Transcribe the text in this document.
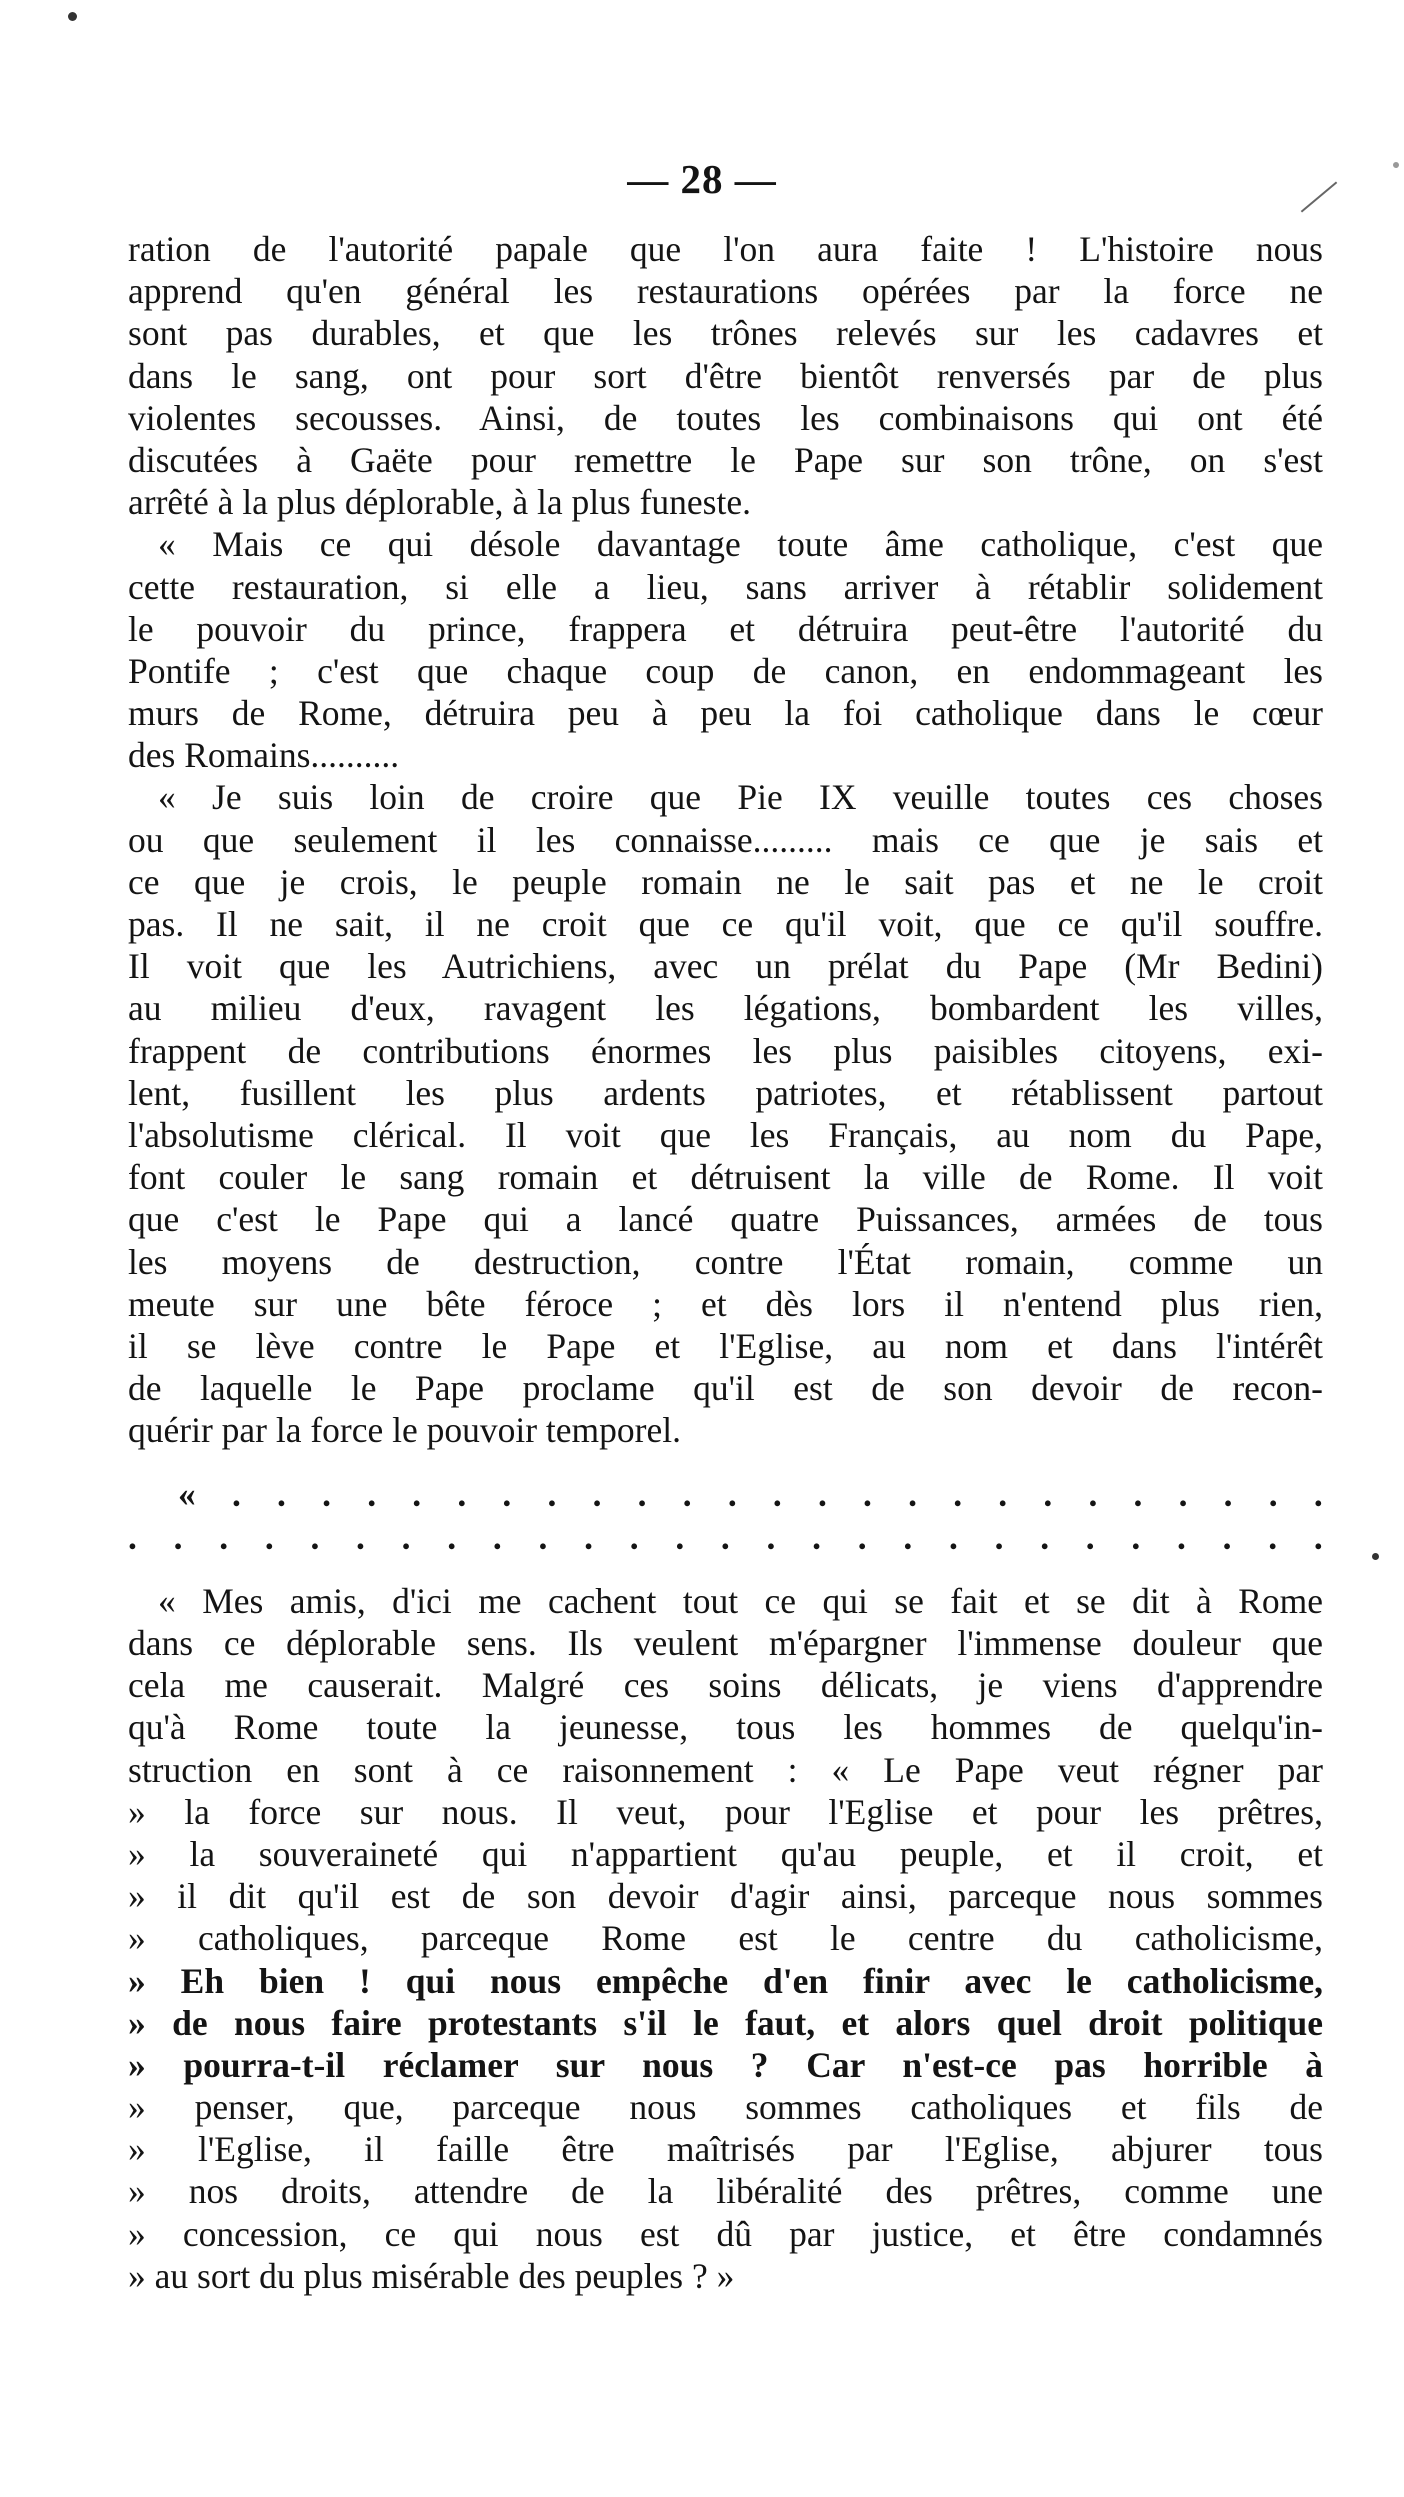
— 28 —
ration de l'autorité papale que l'on aura faite ! L'histoire nous
apprend qu'en général les restaurations opérées par la force ne
sont pas durables, et que les trônes relevés sur les cadavres et
dans le sang, ont pour sort d'être bientôt renversés par de plus
violentes secousses. Ainsi, de toutes les combinaisons qui ont été
discutées à Gaëte pour remettre le Pape sur son trône, on s'est
arrêté à la plus déplorable, à la plus funeste.
« Mais ce qui désole davantage toute âme catholique, c'est que
cette restauration, si elle a lieu, sans arriver à rétablir solidement
le pouvoir du prince, frappera et détruira peut-être l'autorité du
Pontife ; c'est que chaque coup de canon, en endommageant les
murs de Rome, détruira peu à peu la foi catholique dans le cœur
des Romains..........
« Je suis loin de croire que Pie IX veuille toutes ces choses
ou que seulement il les connaisse......... mais ce que je sais et
ce que je crois, le peuple romain ne le sait pas et ne le croit
pas. Il ne sait, il ne croit que ce qu'il voit, que ce qu'il souffre.
Il voit que les Autrichiens, avec un prélat du Pape (Mr Bedini)
au milieu d'eux, ravagent les légations, bombardent les villes,
frappent de contributions énormes les plus paisibles citoyens, exi-
lent, fusillent les plus ardents patriotes, et rétablissent partout
l'absolutisme clérical. Il voit que les Français, au nom du Pape,
font couler le sang romain et détruisent la ville de Rome. Il voit
que c'est le Pape qui a lancé quatre Puissances, armées de tous
les moyens de destruction, contre l'État romain, comme un
meute sur une bête féroce ; et dès lors il n'entend plus rien,
il se lève contre le Pape et l'Eglise, au nom et dans l'intérêt
de laquelle le Pape proclame qu'il est de son devoir de recon-
quérir par la force le pouvoir temporel.
« . . . . . . . . . . . . . . . . . . . . . . . . .
. . . . . . . . . . . . . . . . . . . . . . . . . . .
« Mes amis, d'ici me cachent tout ce qui se fait et se dit à Rome
dans ce déplorable sens. Ils veulent m'épargner l'immense douleur que
cela me causerait. Malgré ces soins délicats, je viens d'apprendre
qu'à Rome toute la jeunesse, tous les hommes de quelqu'in-
struction en sont à ce raisonnement : « Le Pape veut régner par
» la force sur nous. Il veut, pour l'Eglise et pour les prêtres,
» la souveraineté qui n'appartient qu'au peuple, et il croit, et
» il dit qu'il est de son devoir d'agir ainsi, parceque nous sommes
» catholiques, parceque Rome est le centre du catholicisme,
» Eh bien ! qui nous empêche d'en finir avec le catholicisme,
» de nous faire protestants s'il le faut, et alors quel droit politique
» pourra-t-il réclamer sur nous ? Car n'est-ce pas horrible à
» penser, que, parceque nous sommes catholiques et fils de
» l'Eglise, il faille être maîtrisés par l'Eglise, abjurer tous
» nos droits, attendre de la libéralité des prêtres, comme une
» concession, ce qui nous est dû par justice, et être condamnés
» au sort du plus misérable des peuples ? »
